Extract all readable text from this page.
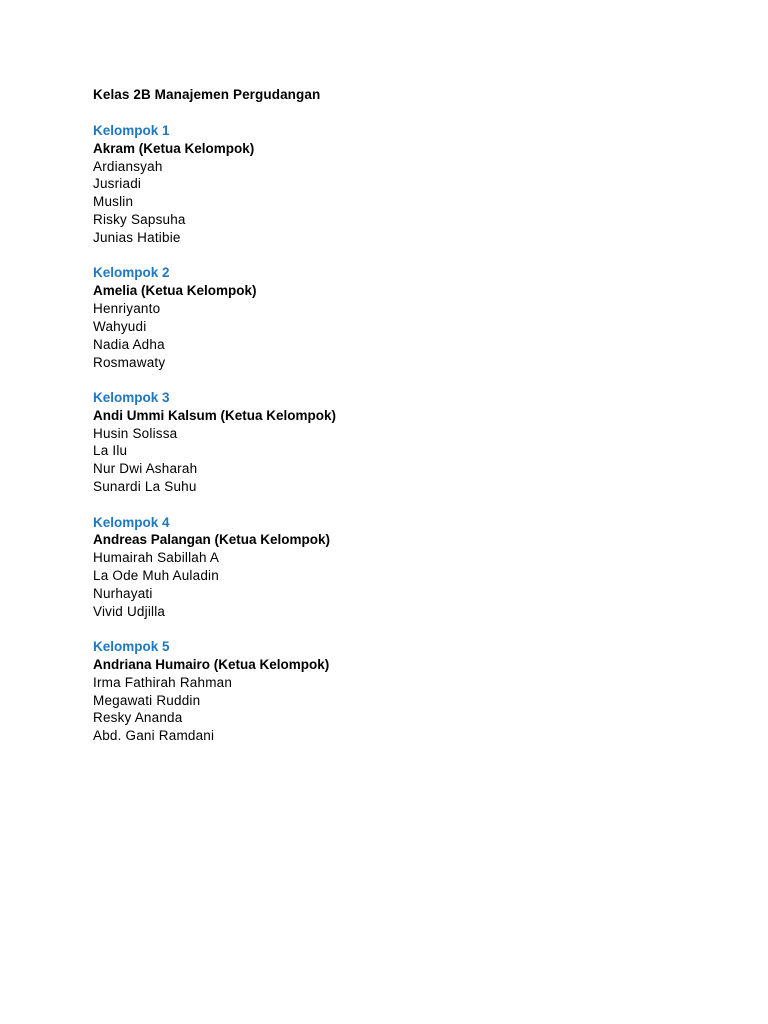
Kelas 2B Manajemen Pergudangan
Kelompok 1
Akram (Ketua Kelompok)
Ardiansyah
Jusriadi
Muslin
Risky Sapsuha
Junias Hatibie
Kelompok 2
Amelia (Ketua Kelompok)
Henriyanto
Wahyudi
Nadia Adha
Rosmawaty
Kelompok 3
Andi Ummi Kalsum (Ketua Kelompok)
Husin Solissa
La Ilu
Nur Dwi Asharah
Sunardi La Suhu
Kelompok 4
Andreas Palangan (Ketua Kelompok)
Humairah Sabillah A
La Ode Muh Auladin
Nurhayati
Vivid Udjilla
Kelompok 5
Andriana Humairo (Ketua Kelompok)
Irma Fathirah Rahman
Megawati Ruddin
Resky Ananda
Abd. Gani Ramdani
